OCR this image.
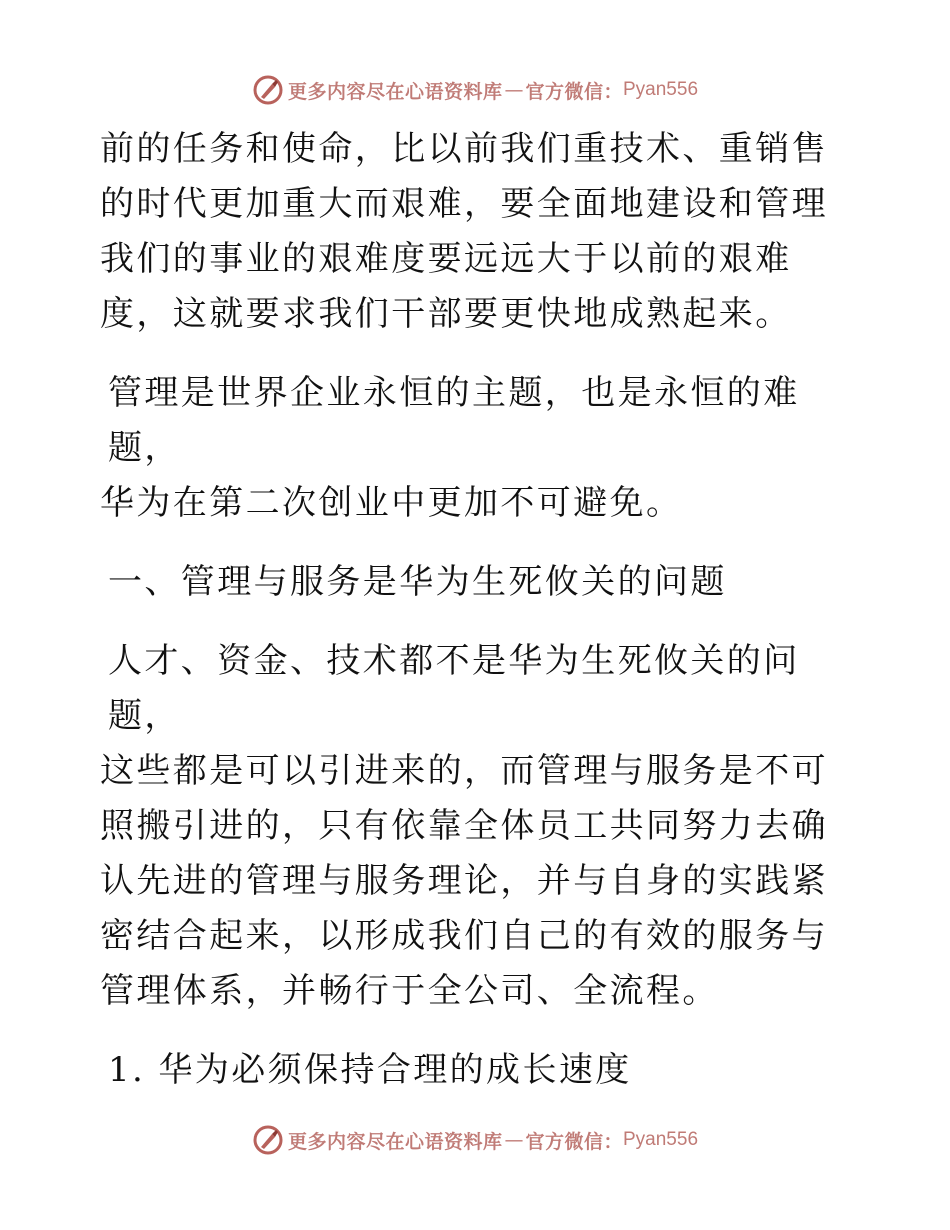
更多内容尽在心语资料库 — 官方微信： Pyan556

前的任务和使命，比以前我们重技术、重销售的时代更加重大而艰难，要全面地建设和管理我们的事业的艰难度要远远大于以前的艰难度，这就要求我们干部要更快地成熟起来。

管理是世界企业永恒的主题，也是永恒的难题，

华为在第二次创业中更加不可避免。

一、管理与服务是华为生死攸关的问题

人才、资金、技术都不是华为生死攸关的问题，

这些都是可以引进来的，而管理与服务是不可照搬引进的，只有依靠全体员工共同努力去确认先进的管理与服务理论，并与自身的实践紧密结合起来，以形成我们自己的有效的服务与管理体系，并畅行于全公司、全流程。

1. 华为必须保持合理的成长速度

更多内容尽在心语资料库 — 官方微信： Pyan556
